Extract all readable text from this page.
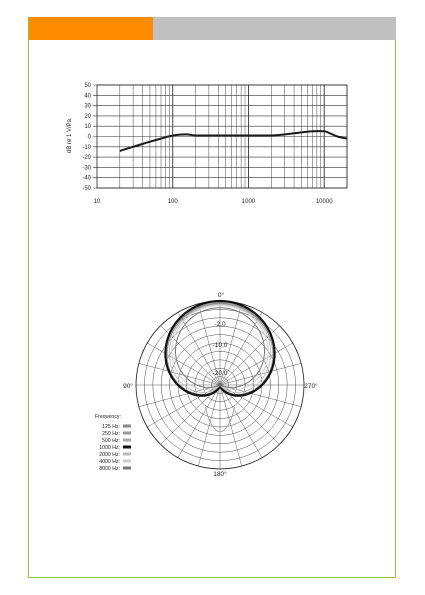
50
40
30
20
10
0
-10
-20
-30
-40
-50
10	100	1000	10000
dB re 1 V/Pa
0°
90°	270°
180°
-2,0
-10,0
-20,0
Frequency:
125 Hz:
250 Hz:
500 Hz:
1000 Hz:
2000 Hz:
4000 Hz:
8000 Hz:
